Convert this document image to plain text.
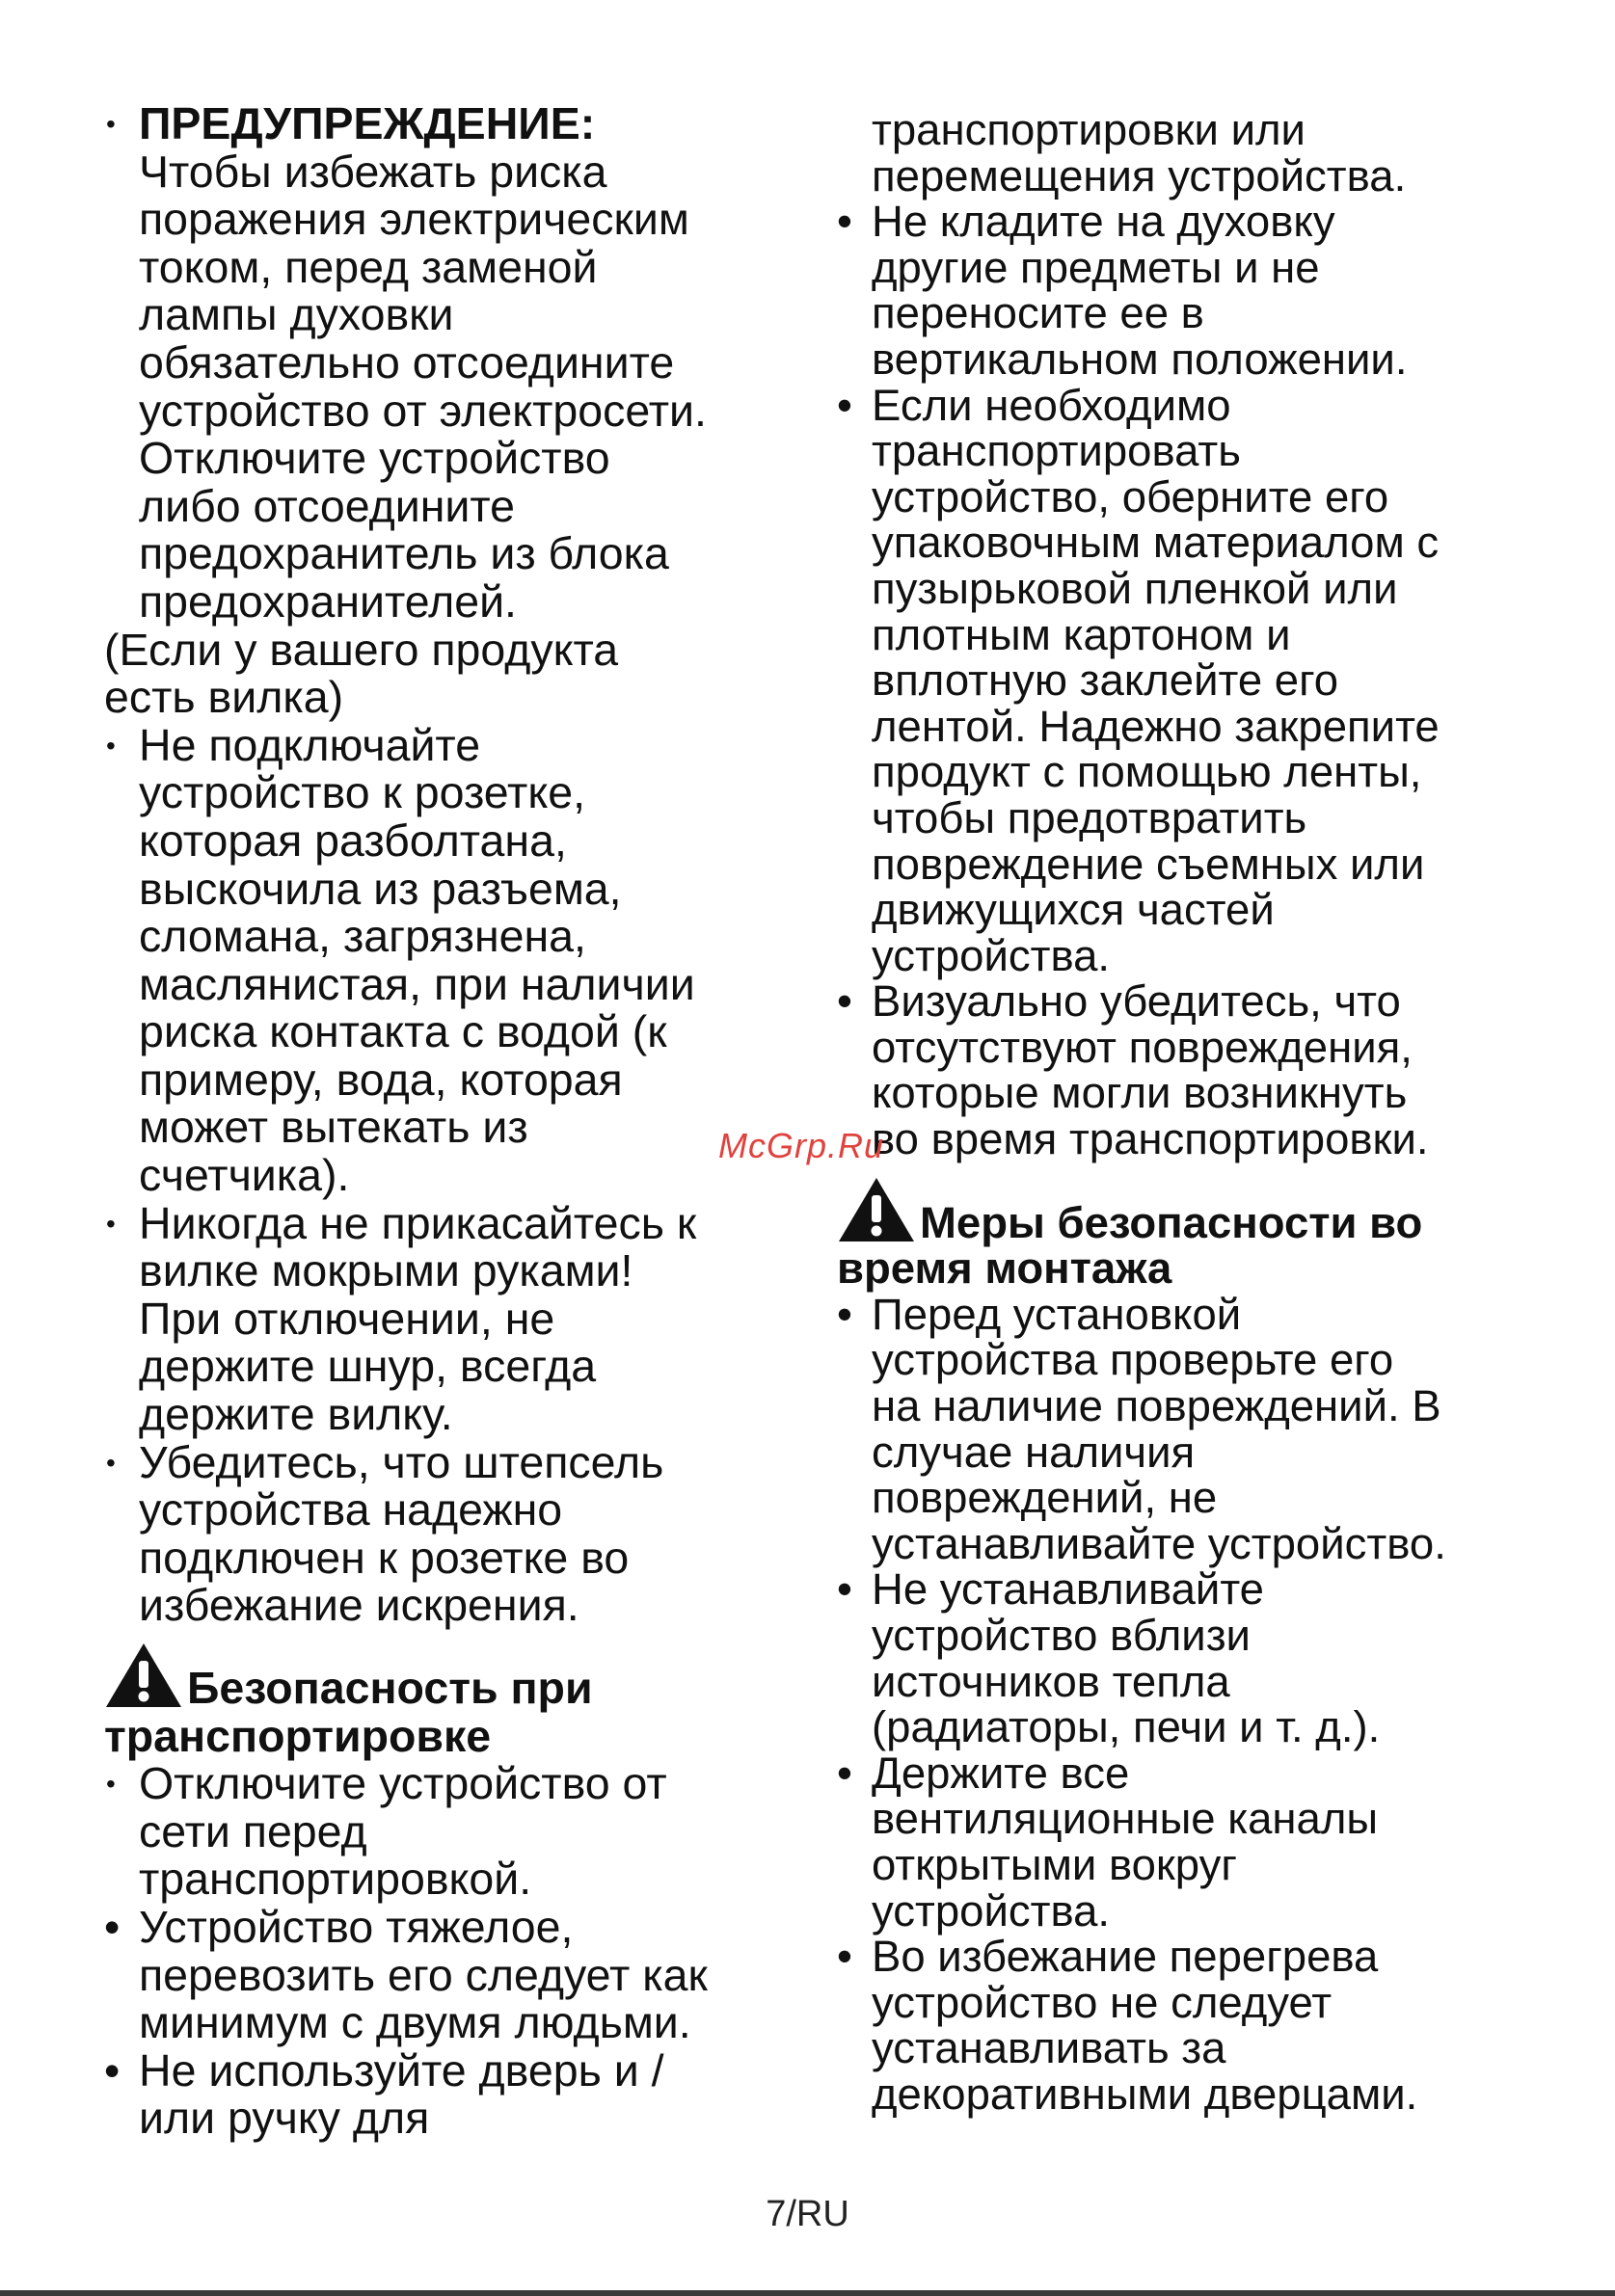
• ПРЕДУПРЕЖДЕНИЕ:
Чтобы избежать риска
поражения электрическим
током, перед заменой
лампы духовки
обязательно отсоедините
устройство от электросети.
Отключите устройство
либо отсоедините
предохранитель из блока
предохранителей.
(Если у вашего продукта
есть вилка)
• Не подключайте
устройство к розетке,
которая разболтана,
выскочила из разъема,
сломана, загрязнена,
маслянистая, при наличии
риска контакта с водой (к
примеру, вода, которая
может вытекать из
счетчика).
• Никогда не прикасайтесь к
вилке мокрыми руками!
При отключении, не
держите шнур, всегда
держите вилку.
• Убедитесь, что штепсель
устройства надежно
подключен к розетке во
избежание искрения.
Безопасность при
транспортировке
• Отключите устройство от
сети перед
транспортировкой.
• Устройство тяжелое,
перевозить его следует как
минимум с двумя людьми.
• Не используйте дверь и /
или ручку для
транспортировки или
перемещения устройства.
• Не кладите на духовку
другие предметы и не
переносите ее в
вертикальном положении.
• Если необходимо
транспортировать
устройство, оберните его
упаковочным материалом с
пузырьковой пленкой или
плотным картоном и
вплотную заклейте его
лентой. Надежно закрепите
продукт с помощью ленты,
чтобы предотвратить
повреждение съемных или
движущихся частей
устройства.
• Визуально убедитесь, что
отсутствуют повреждения,
которые могли возникнуть
во время транспортировки.
Меры безопасности во
время монтажа
• Перед установкой
устройства проверьте его
на наличие повреждений. В
случае наличия
повреждений, не
устанавливайте устройство.
• Не устанавливайте
устройство вблизи
источников тепла
(радиаторы, печи и т. д.).
• Держите все
вентиляционные каналы
открытыми вокруг
устройства.
• Во избежание перегрева
устройство не следует
устанавливать за
декоративными дверцами.
McGrp.Ru
7/RU
